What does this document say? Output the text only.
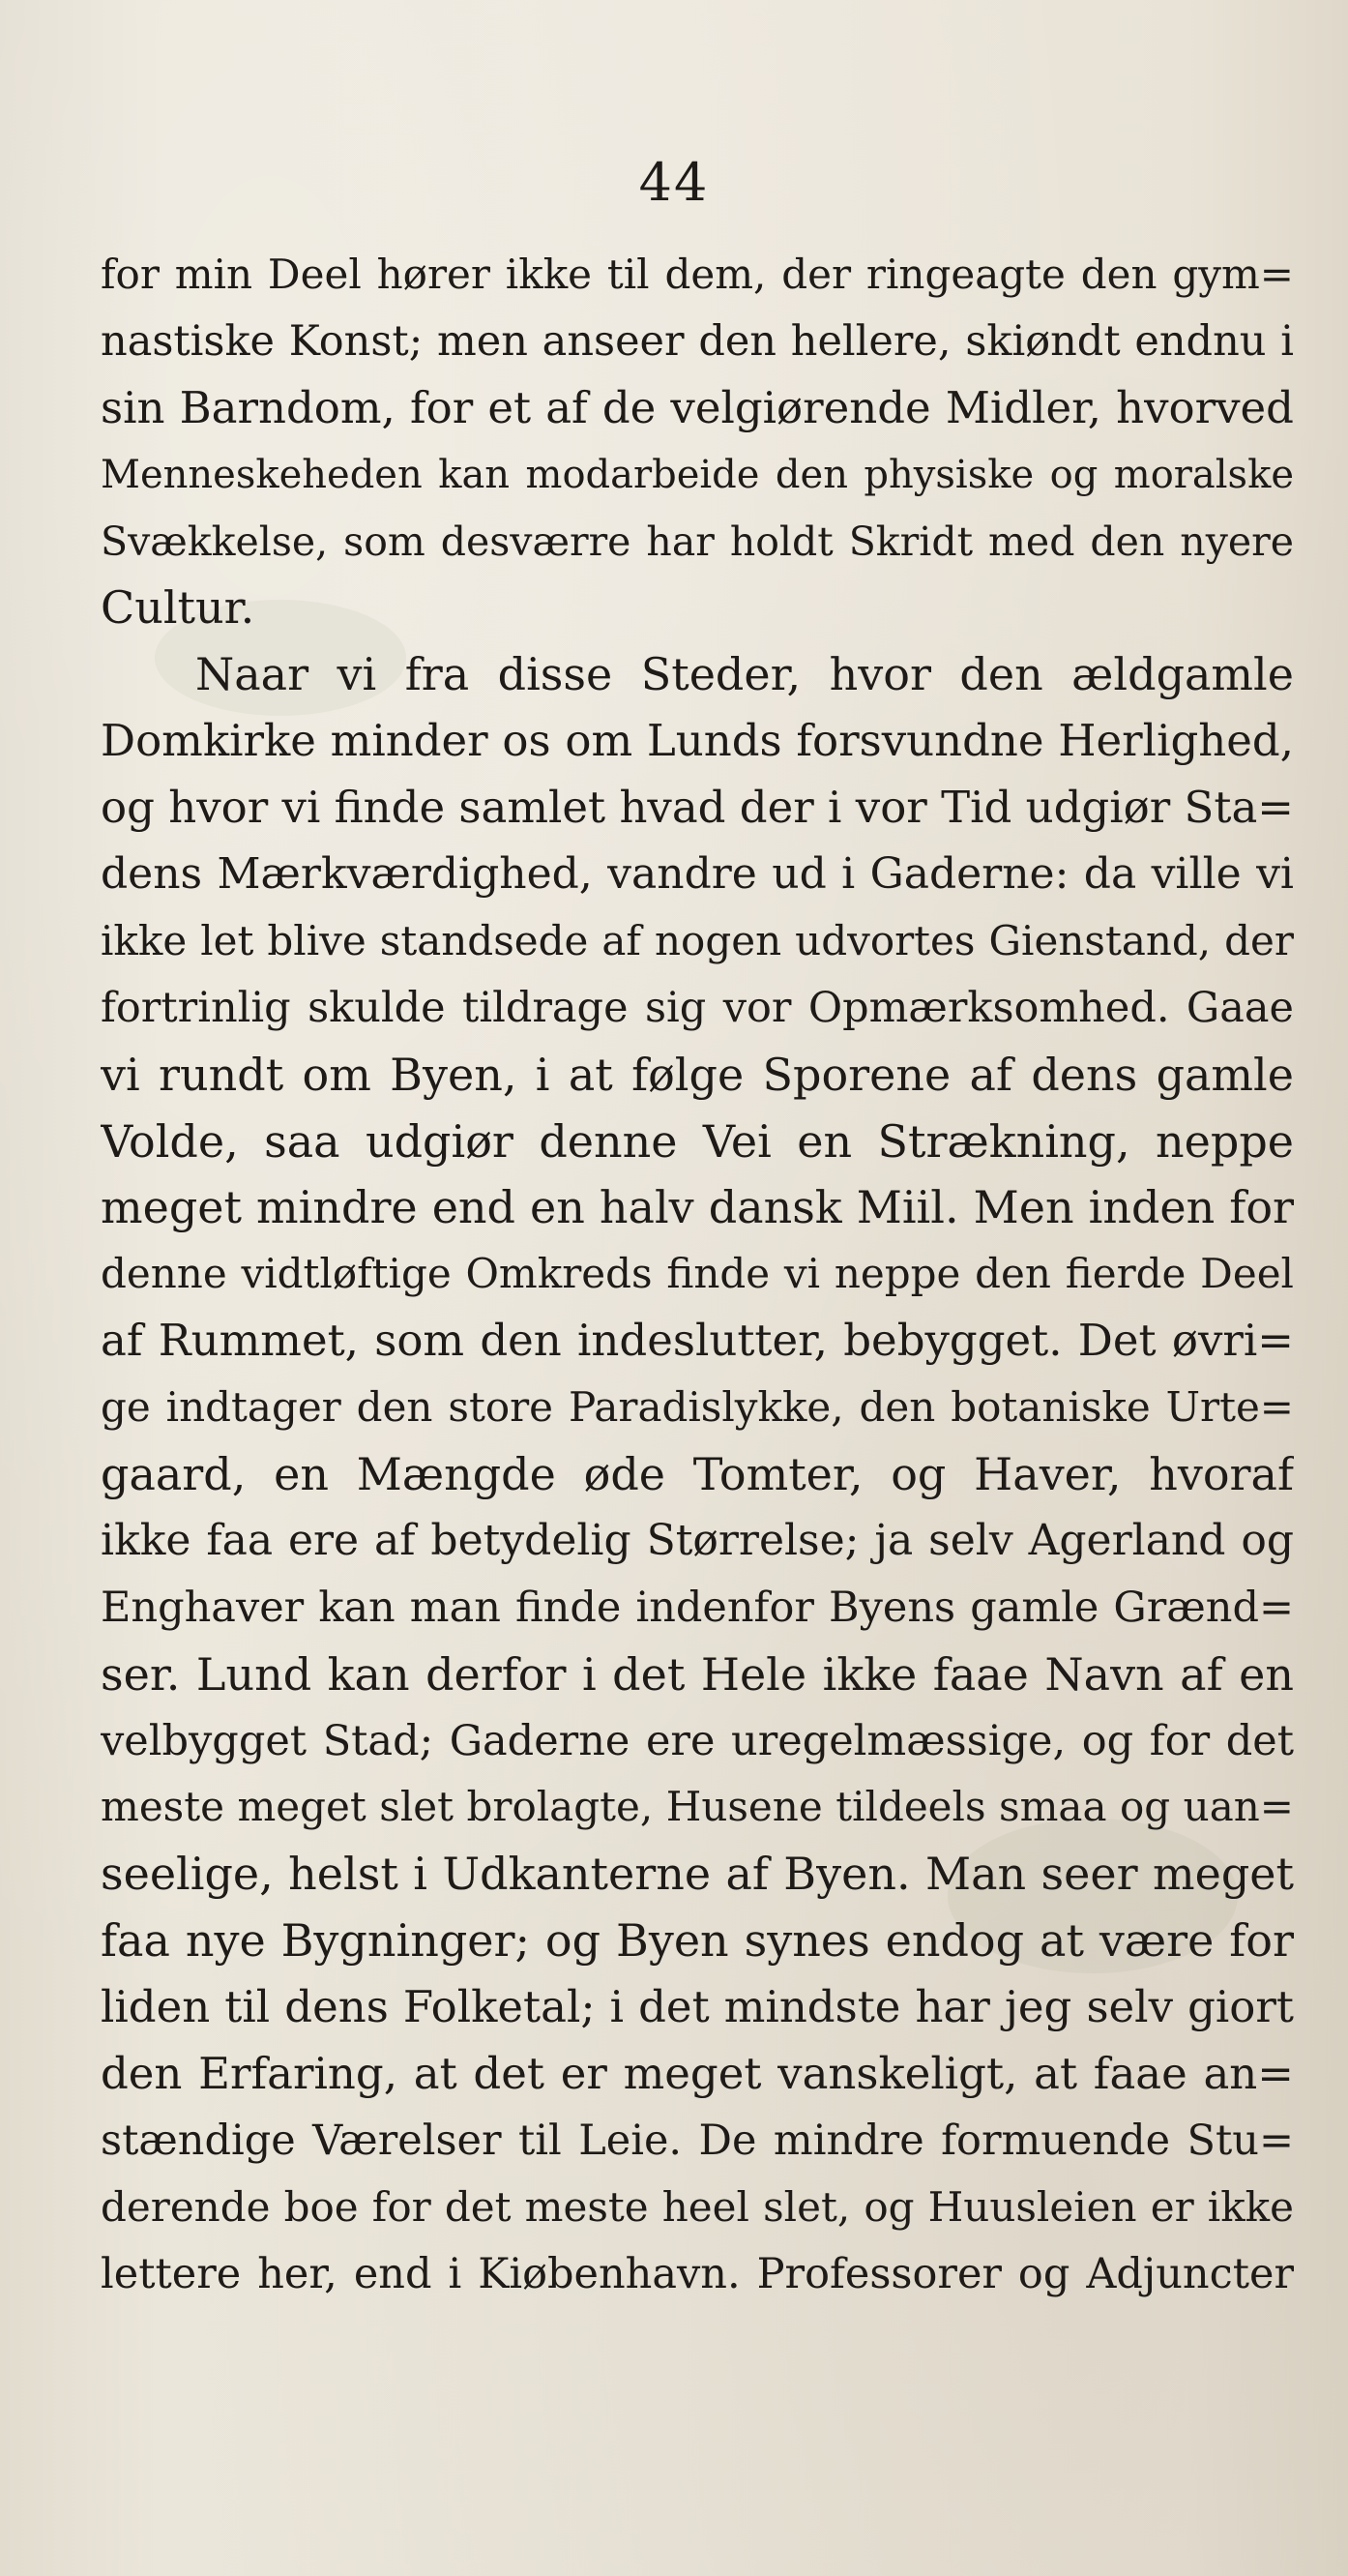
44
for min Deel hører ikke til dem, der ringeagte den gym=
nastiske Konst; men anseer den hellere, skiøndt endnu i
sin Barndom, for et af de velgiørende Midler, hvorved
Menneskeheden kan modarbeide den physiske og moralske
Svækkelse, som desværre har holdt Skridt med den nyere
Cultur.
Naar vi fra disse Steder, hvor den ældgamle
Domkirke minder os om Lunds forsvundne Herlighed,
og hvor vi finde samlet hvad der i vor Tid udgiør Sta=
dens Mærkværdighed, vandre ud i Gaderne: da ville vi
ikke let blive standsede af nogen udvortes Gienstand, der
fortrinlig skulde tildrage sig vor Opmærksomhed. Gaae
vi rundt om Byen, i at følge Sporene af dens gamle
Volde, saa udgiør denne Vei en Strækning, neppe
meget mindre end en halv dansk Miil. Men inden for
denne vidtløftige Omkreds finde vi neppe den fierde Deel
af Rummet, som den indeslutter, bebygget. Det øvri=
ge indtager den store Paradislykke, den botaniske Urte=
gaard, en Mængde øde Tomter, og Haver, hvoraf
ikke faa ere af betydelig Størrelse; ja selv Agerland og
Enghaver kan man finde indenfor Byens gamle Grænd=
ser. Lund kan derfor i det Hele ikke faae Navn af en
velbygget Stad; Gaderne ere uregelmæssige, og for det
meste meget slet brolagte, Husene tildeels smaa og uan=
seelige, helst i Udkanterne af Byen. Man seer meget
faa nye Bygninger; og Byen synes endog at være for
liden til dens Folketal; i det mindste har jeg selv giort
den Erfaring, at det er meget vanskeligt, at faae an=
stændige Værelser til Leie. De mindre formuende Stu=
derende boe for det meste heel slet, og Huusleien er ikke
lettere her, end i Kiøbenhavn. Professorer og Adjuncter
